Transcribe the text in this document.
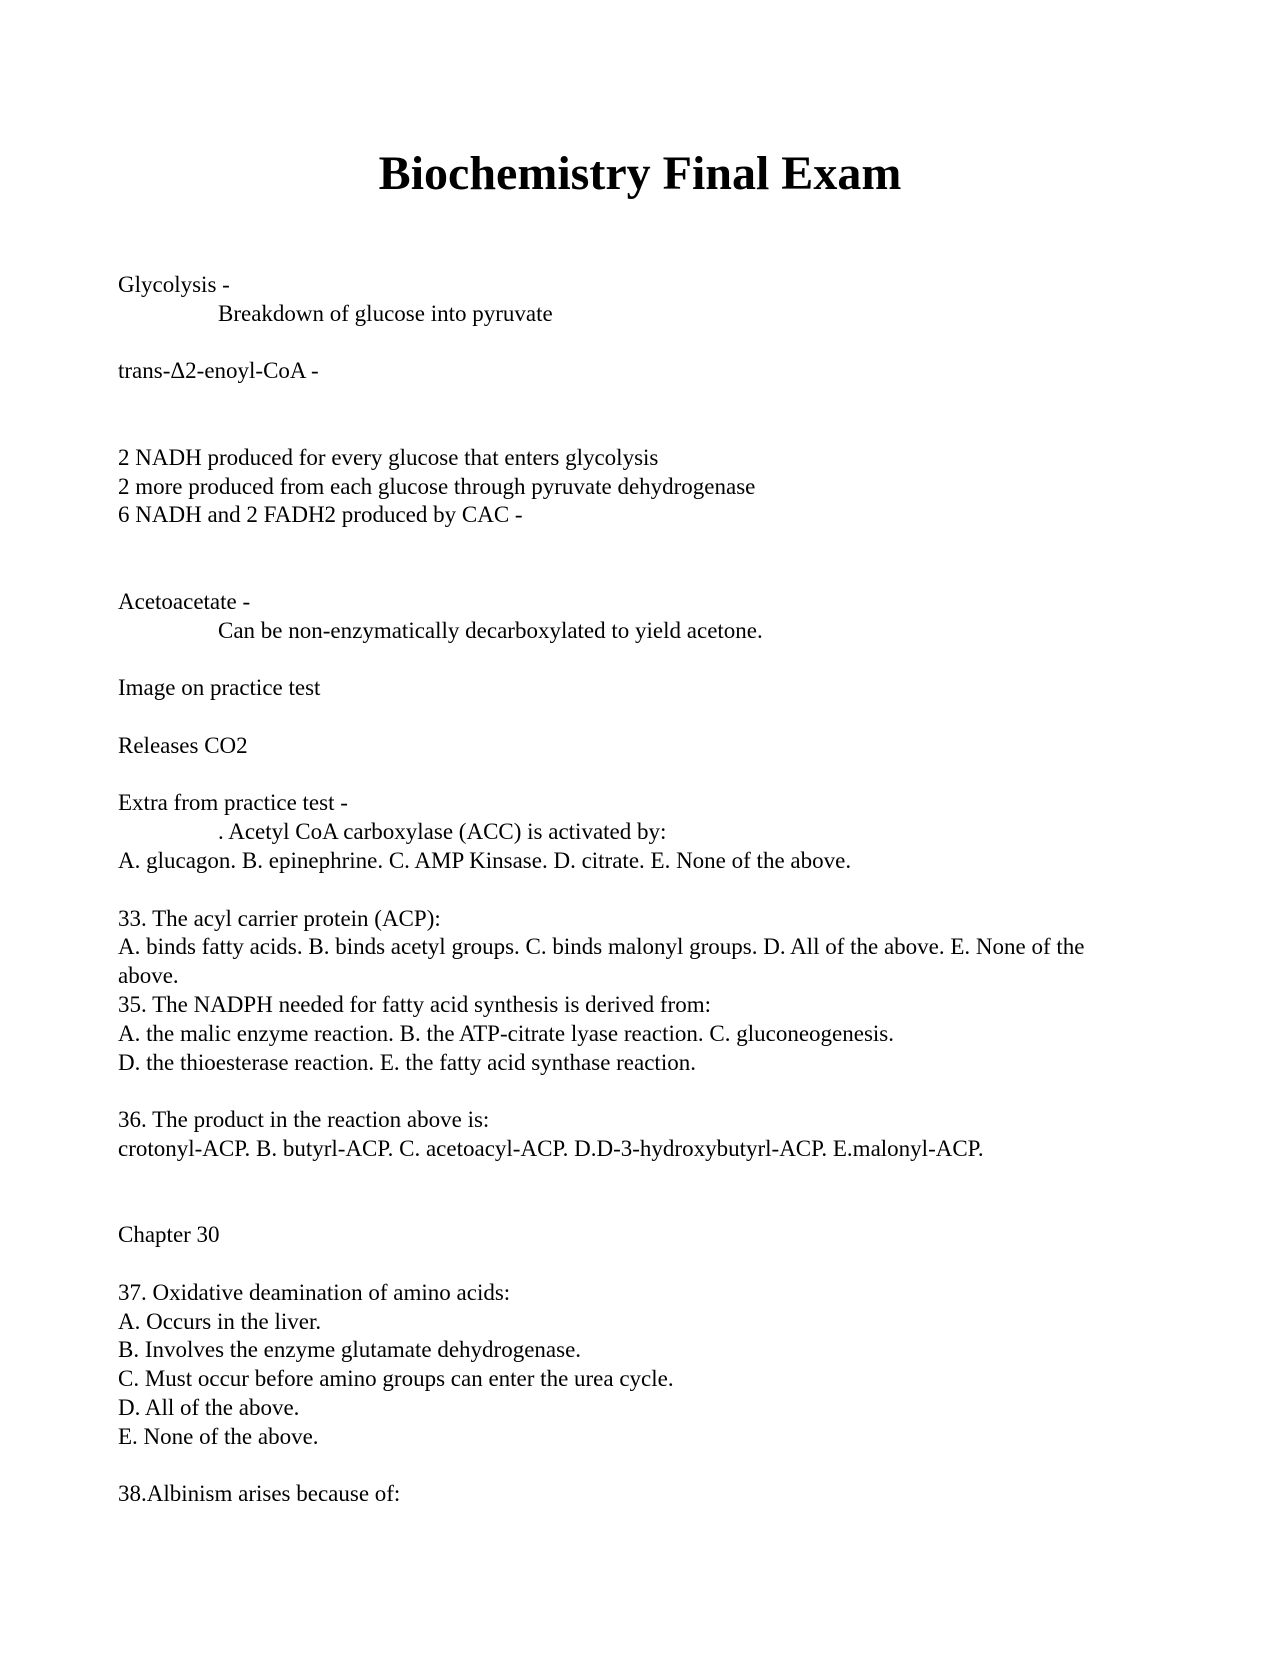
Biochemistry Final Exam
Glycolysis -
Breakdown of glucose into pyruvate
trans-Δ2-enoyl-CoA -
2 NADH produced for every glucose that enters glycolysis
2 more produced from each glucose through pyruvate dehydrogenase
6 NADH and 2 FADH2 produced by CAC -
Acetoacetate -
Can be non-enzymatically decarboxylated to yield acetone.
Image on practice test
Releases CO2
Extra from practice test -
. Acetyl CoA carboxylase (ACC) is activated by:
A. glucagon. B. epinephrine. C. AMP Kinsase. D. citrate. E. None of the above.
33. The acyl carrier protein (ACP):
A. binds fatty acids. B. binds acetyl groups. C. binds malonyl groups. D. All of the above. E. None of the above.
35. The NADPH needed for fatty acid synthesis is derived from:
A. the malic enzyme reaction. B. the ATP-citrate lyase reaction. C. gluconeogenesis.
D. the thioesterase reaction. E. the fatty acid synthase reaction.
36. The product in the reaction above is:
crotonyl-ACP. B. butyrl-ACP. C. acetoacyl-ACP. D.D-3-hydroxybutyrl-ACP. E.malonyl-ACP.
Chapter 30
37. Oxidative deamination of amino acids:
A. Occurs in the liver.
B. Involves the enzyme glutamate dehydrogenase.
C. Must occur before amino groups can enter the urea cycle.
D. All of the above.
E. None of the above.
38.Albinism arises because of:
